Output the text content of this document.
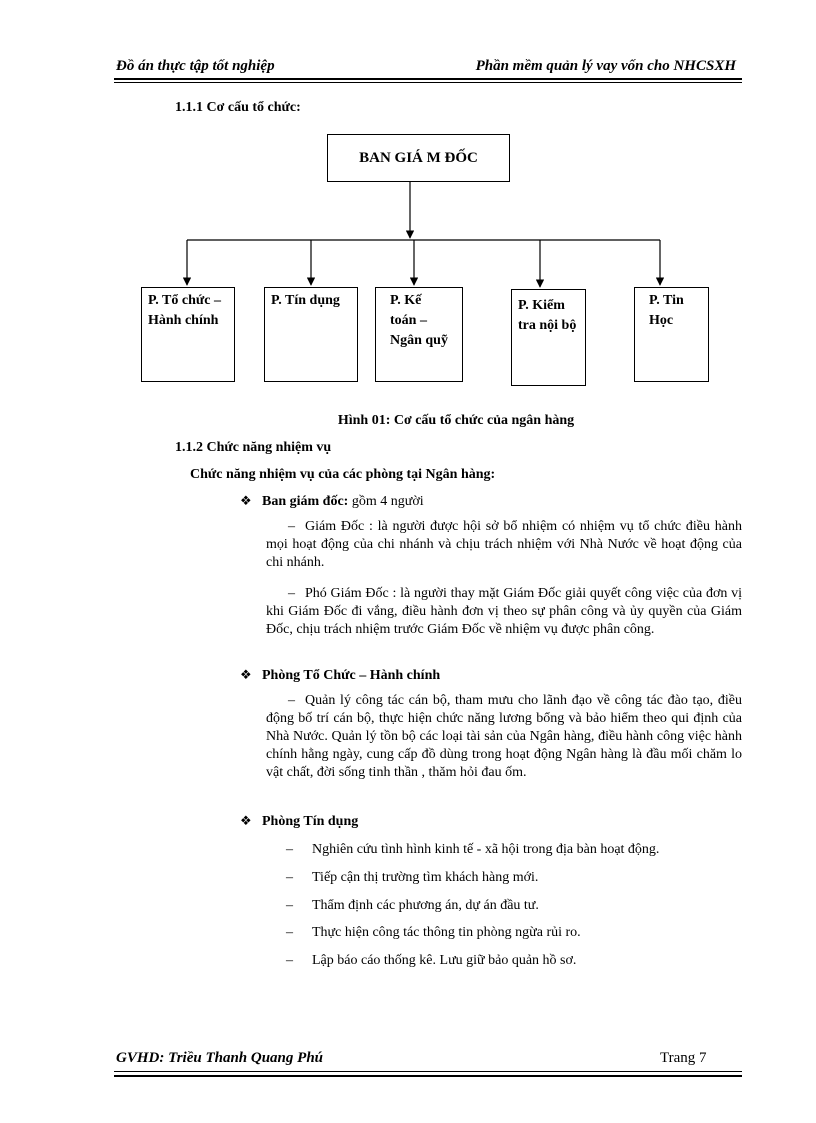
Đồ án thực tập tốt nghiệp	Phần mềm quản lý vay vốn cho NHCSXH
1.1.1 Cơ cấu tổ chức:
BAN GIÁ M ĐỐC
P. Tổ chức – Hành chính
P. Tín dụng	P. Kế toán – Ngân quỹ
P. Kiểm tra nội bộ
P. Tin Học
Hình 01: Cơ cấu tổ chức của ngân hàng
1.1.2 Chức năng nhiệm vụ
Chức năng nhiệm vụ của các phòng tại Ngân hàng:
❖ Ban giám đốc: gồm 4 người
– Giám Đốc : là người được hội sở bổ nhiệm có nhiệm vụ tổ chức điều hành mọi hoạt động của chi nhánh và chịu trách nhiệm với Nhà Nước về hoạt động của chi nhánh.
– Phó Giám Đốc : là người thay mặt Giám Đốc giải quyết công việc của đơn vị khi Giám Đốc đi vắng, điều hành đơn vị theo sự phân công và ủy quyền của Giám Đốc, chịu trách nhiệm trước Giám Đốc về nhiệm vụ được phân công.
❖ Phòng Tổ Chức – Hành chính
– Quản lý công tác cán bộ, tham mưu cho lãnh đạo về công tác đào tạo, điều động bố trí cán bộ, thực hiện chức năng lương bổng và bảo hiểm theo qui định của Nhà Nước. Quản lý tồn bộ các loại tài sản của Ngân hàng, điều hành công việc hành chính hằng ngày, cung cấp đồ dùng trong hoạt động Ngân hàng là đầu mối chăm lo vật chất, đời sống tinh thần , thăm hỏi đau ốm.
❖ Phòng Tín dụng
– Nghiên cứu tình hình kinh tế - xã hội trong địa bàn hoạt động.
– Tiếp cận thị trường tìm khách hàng mới.
– Thẩm định các phương án, dự án đầu tư.
– Thực hiện công tác thông tin phòng ngừa rủi ro.
– Lập báo cáo thống kê. Lưu giữ bảo quản hồ sơ.
GVHD: Triều Thanh Quang Phú	Trang 7
